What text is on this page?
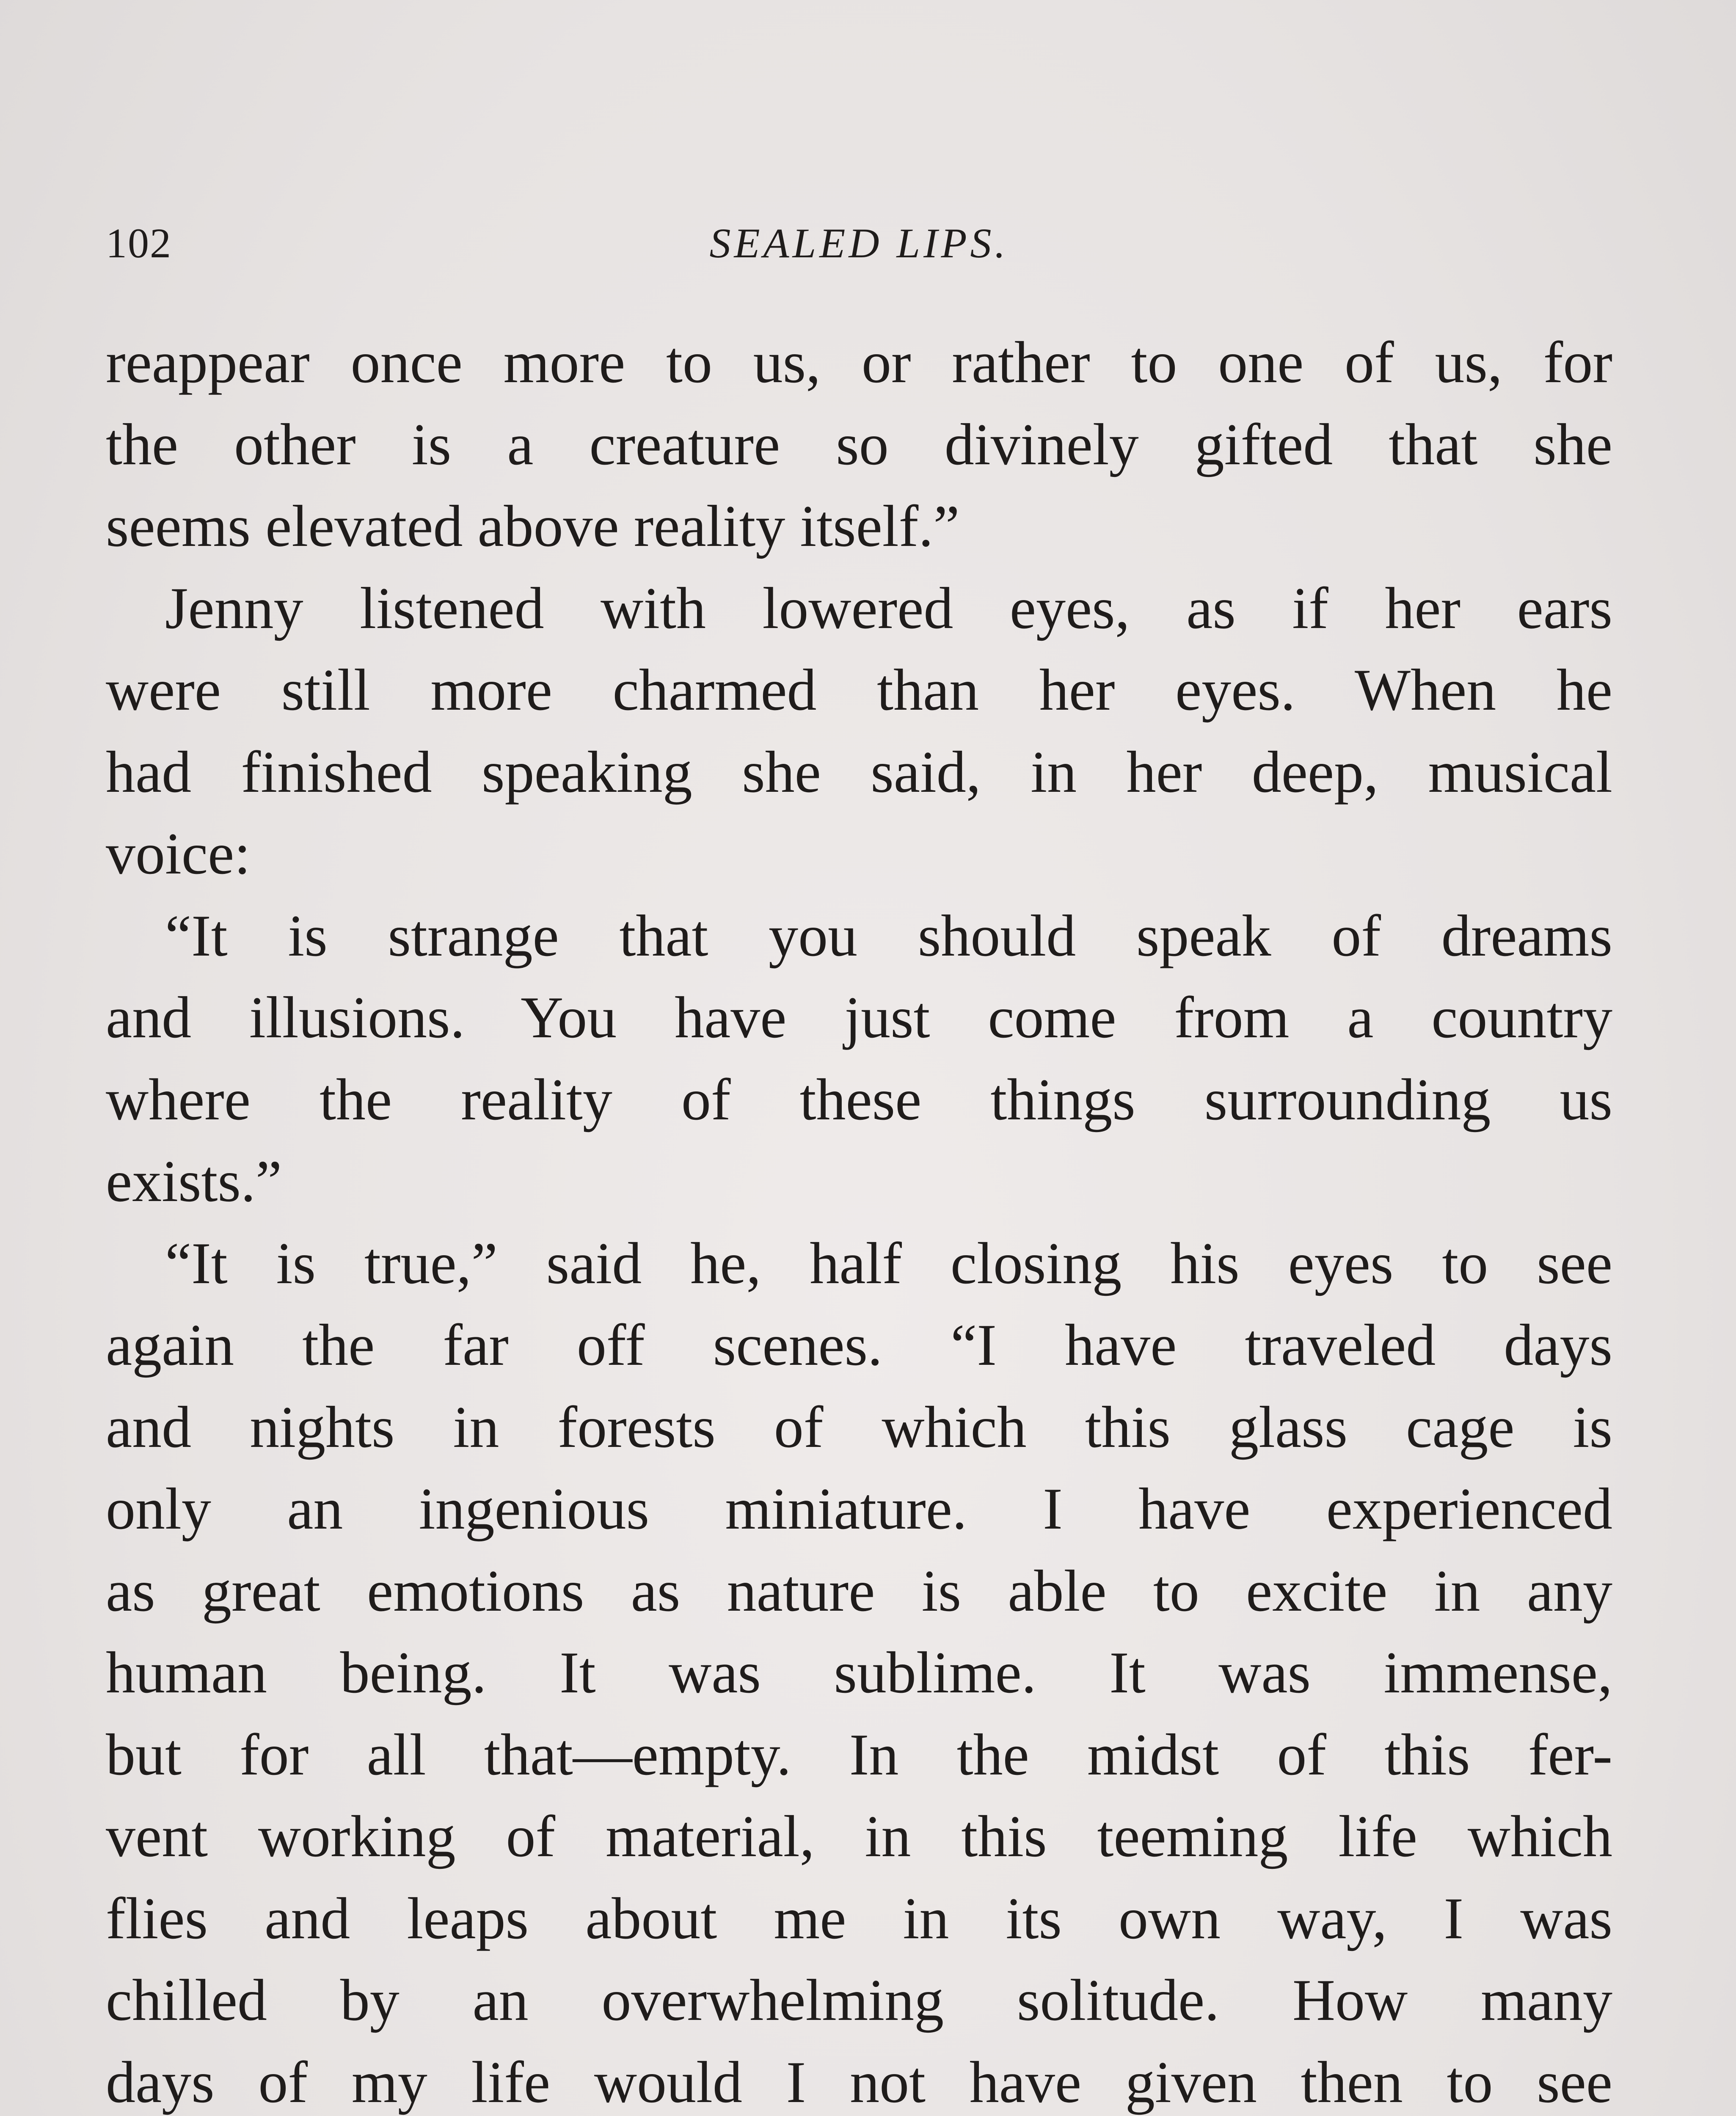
102	SEALED LIPS.
reappear once more to us, or rather to one of us, for
the other is a creature so divinely gifted that she
seems elevated above reality itself.”
Jenny listened with lowered eyes, as if her ears
were still more charmed than her eyes. When he
had finished speaking she said, in her deep, musical
voice:
“It is strange that you should speak of dreams
and illusions. You have just come from a country
where the reality of these things surrounding us
exists.”
“It is true,” said he, half closing his eyes to see
again the far off scenes. “I have traveled days
and nights in forests of which this glass cage is
only an ingenious miniature. I have experienced
as great emotions as nature is able to excite in any
human being. It was sublime. It was immense,
but for all that—empty. In the midst of this fer-
vent working of material, in this teeming life which
flies and leaps about me in its own way, I was
chilled by an overwhelming solitude. How many
days of my life would I not have given then to see
